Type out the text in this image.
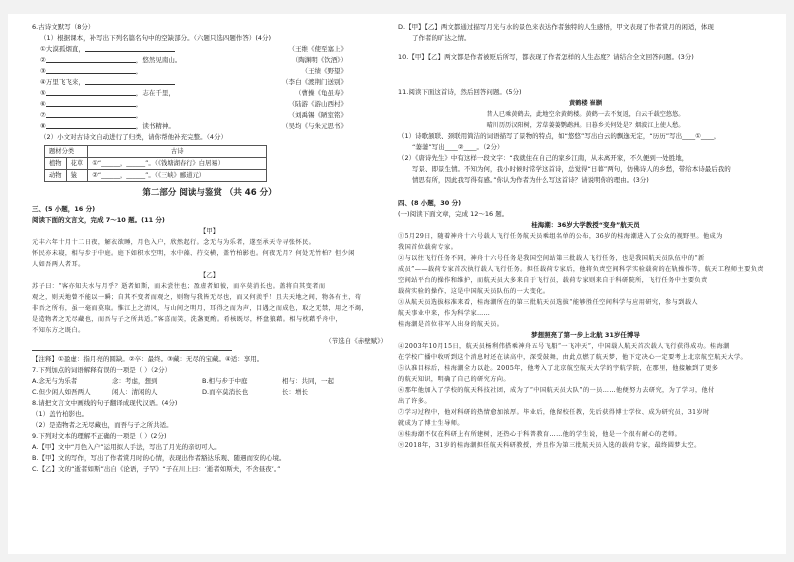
6.古诗文默写（8分）
（1）根据课本，补写出下列名篇名句中的空缺部分。（六题只选四题作答）(4分)
①大漠孤烟直，	（王维《使至塞上》
②	，悠然见南山。	（陶渊明《饮酒》）
③	，	（王绩《野望》
④万里飞飞来，	（李白《渡荆门送别》
⑤	，志在千里，	（曹操《龟虽寿》
⑥	，	（陆游《游山西村》
⑦	，	（刘禹锡《陋室铭》
⑧	，读书精神。	（吴均《与朱元思书》
（2）小文对古诗文自动进行了归类，请你帮他补充完整。（4分）
题材分类		古诗
植物	花草	①“______，______”。（《钱塘湖春行》白居易）
动物	猿	②“______，______”。（《三峡》郦道元）
第二部分 阅读与鉴赏 （共 46 分）
三、(5 小题，16 分)
阅读下面的文言文，完成 7～10 题。(11 分)
【甲】
元丰六年十月十二日夜，解衣欲睡，月色入户，欣然起行。念无与为乐者，遂至承天寺寻张怀民。
怀民亦未寝，相与步于中庭。庭下如积水空明，水中藻、荇交横，盖竹柏影也。何夜无月？何处无竹柏？但少闲
人如吾两人者耳。
【乙】
苏子曰：“客亦知夫水与月乎？逝者如斯，而未尝往也；盈虚者如彼，而卒莫消长也。盖将自其变者而
观之，则天地曾不能以一瞬；自其不变者而观之，则物与我皆无尽也，而又何羡乎！且夫天地之间，物各有主，苟
非吾之所有，虽一毫而莫取。惟江上之清风，与山间之明月，耳得之而为声，目遇之而成色，取之无禁，用之不竭，
是造物者之无尽藏也，而吾与子之所共适。”客喜而笑，洗盏更酌。肴核既尽，杯盘狼藉。相与枕藉乎舟中，
不知东方之既白。
（节选自《赤壁赋》）
【注释】①盈虚：指月亮的圆缺。②卒：最终。③藏：无尽的宝藏。④适：享用。
7.下列加点的词语解释有误的一项是（ ）（2分）
A.念无与为乐者	念：考虑，想到	B.相与步于中庭	相与：共同，一起
C.但少闲人如吾两人	闲人：清闲的人	D.而卒莫消长也	长：增长
8.请把文言文中画线的句子翻译成现代汉语。(4分)
（1）盖竹柏影也。
（2）是造物者之无尽藏也，而吾与子之所共适。
9.下列对文本的理解不正确的一项是（ ）(2分)
A.【甲】文中“月色入户”运用拟人手法，写出了月光的亲切可人。
B.【甲】文的写作，写出了作者赏月时的心情，表现出作者豁达乐观、随遇而安的心境。
C.【乙】文的“逝者如斯”出自《论语，子罕》“子在川上曰：‘逝者如斯夫，不舍昼夜’。”
D.【甲】【乙】两文都通过描写月光与水的景色来表达作者独特的人生感悟，甲文表现了作者赏月的闲适，体现
了作者的旷达之情。
10.【甲】【乙】两文都是作者被贬后所写，都表现了作者怎样的人生态度？请结合全文回答问题。(3分)
11.阅读下面这首诗，然后回答问题。(5分)
黄鹤楼 崔颢
昔人已乘黄鹤去，此地空余黄鹤楼。黄鹤一去不复返，白云千载空悠悠。
晴川历历汉阳树，芳草萋萋鹦鹉洲。日暮乡关何处是？烟波江上使人愁。
（1）诗歌颔联、颈联用简洁的词语描写了景物的特点，如“悠悠”写出白云的飘逸无定，“历历”写出____①____，
“萋萋”写出____②____。（2分）
（2）《唐诗先生》中有这样一段文字：“我就住在自己的家乡江南，从未离开家，不久便到一处胜地，
写景、即景生情。不知为何，我小时候时常学这首诗，总觉得“日暮”两句，仿佛诗人的乡愁，带给本诗最后我的
情思有所，因此我写得有感。”你认为作者为什么写这首诗？请说明你的理由。(3分)
四、(8 小题，30 分)
(一)阅读下面文章，完成 12～16 题。
桂海潮：36岁大学教授“变身”航天员
①5月29日，随着神舟十六号载人飞行任务航天员乘组名单的公布，36岁的桂海潮进入了公众的视野里。他成为
我国首位载荷专家。
②与以往飞行任务不同，神舟十六号任务是我国空间站第三批载人飞行任务，也是我国航天员队伍中的“新
成员”——载荷专家首次执行载人飞行任务。担任载荷专家后，他将负责空间科学实验载荷的在轨操作等，航天工程师主要负责
空间站平台的操作和维护，而航天员大多来自于飞行员，载荷专家则来自于科研院所，飞行任务中主要负责
载荷实验的操作，这是中国航天员队伍的一大变化。
③从航天员选拔标准来看，桂海潮所在的第三批航天员选拔“能够胜任空间科学与应用研究，参与到载人
航天事业中来，作为科学家……
桂海潮是首位非军人出身的航天员。
梦想照亮了第一步上北航 31岁任博导
④2003年10月15日，航天员杨利伟搭乘神舟五号飞船“一飞冲天”，中国载人航天首次载人飞行获得成功。桂海潮
在学校广播中收听到这个消息时还在读高中，深受鼓舞，由此点燃了航天梦，他下定决心一定要考上北京航空航天大学。
⑤认准目标后，桂海潮全力以赴。2005年，他考入了北京航空航天大学的宇航学院，在那里，他接触到了更多
的航天知识，明确了自己的研究方向。
⑥那年他加入了学校的航天科技社团，成为了“中国航天员大队”的一员……他便努力去研究，为了学习，他付
出了许多。
⑦学习过程中，他对科研的热情愈加浓厚。毕业后，他留校任教，先后获得博士学位、成为研究员，31岁时
就成为了博士生导师。
⑧桂海潮不仅在科研上有所建树，还热心于科普教育……他的学生说，他是一个很有耐心的老师。
⑨2018年，31岁的桂海潮担任航天科研教授，并且作为第三批航天员入选的载荷专家，最终圆梦太空。
